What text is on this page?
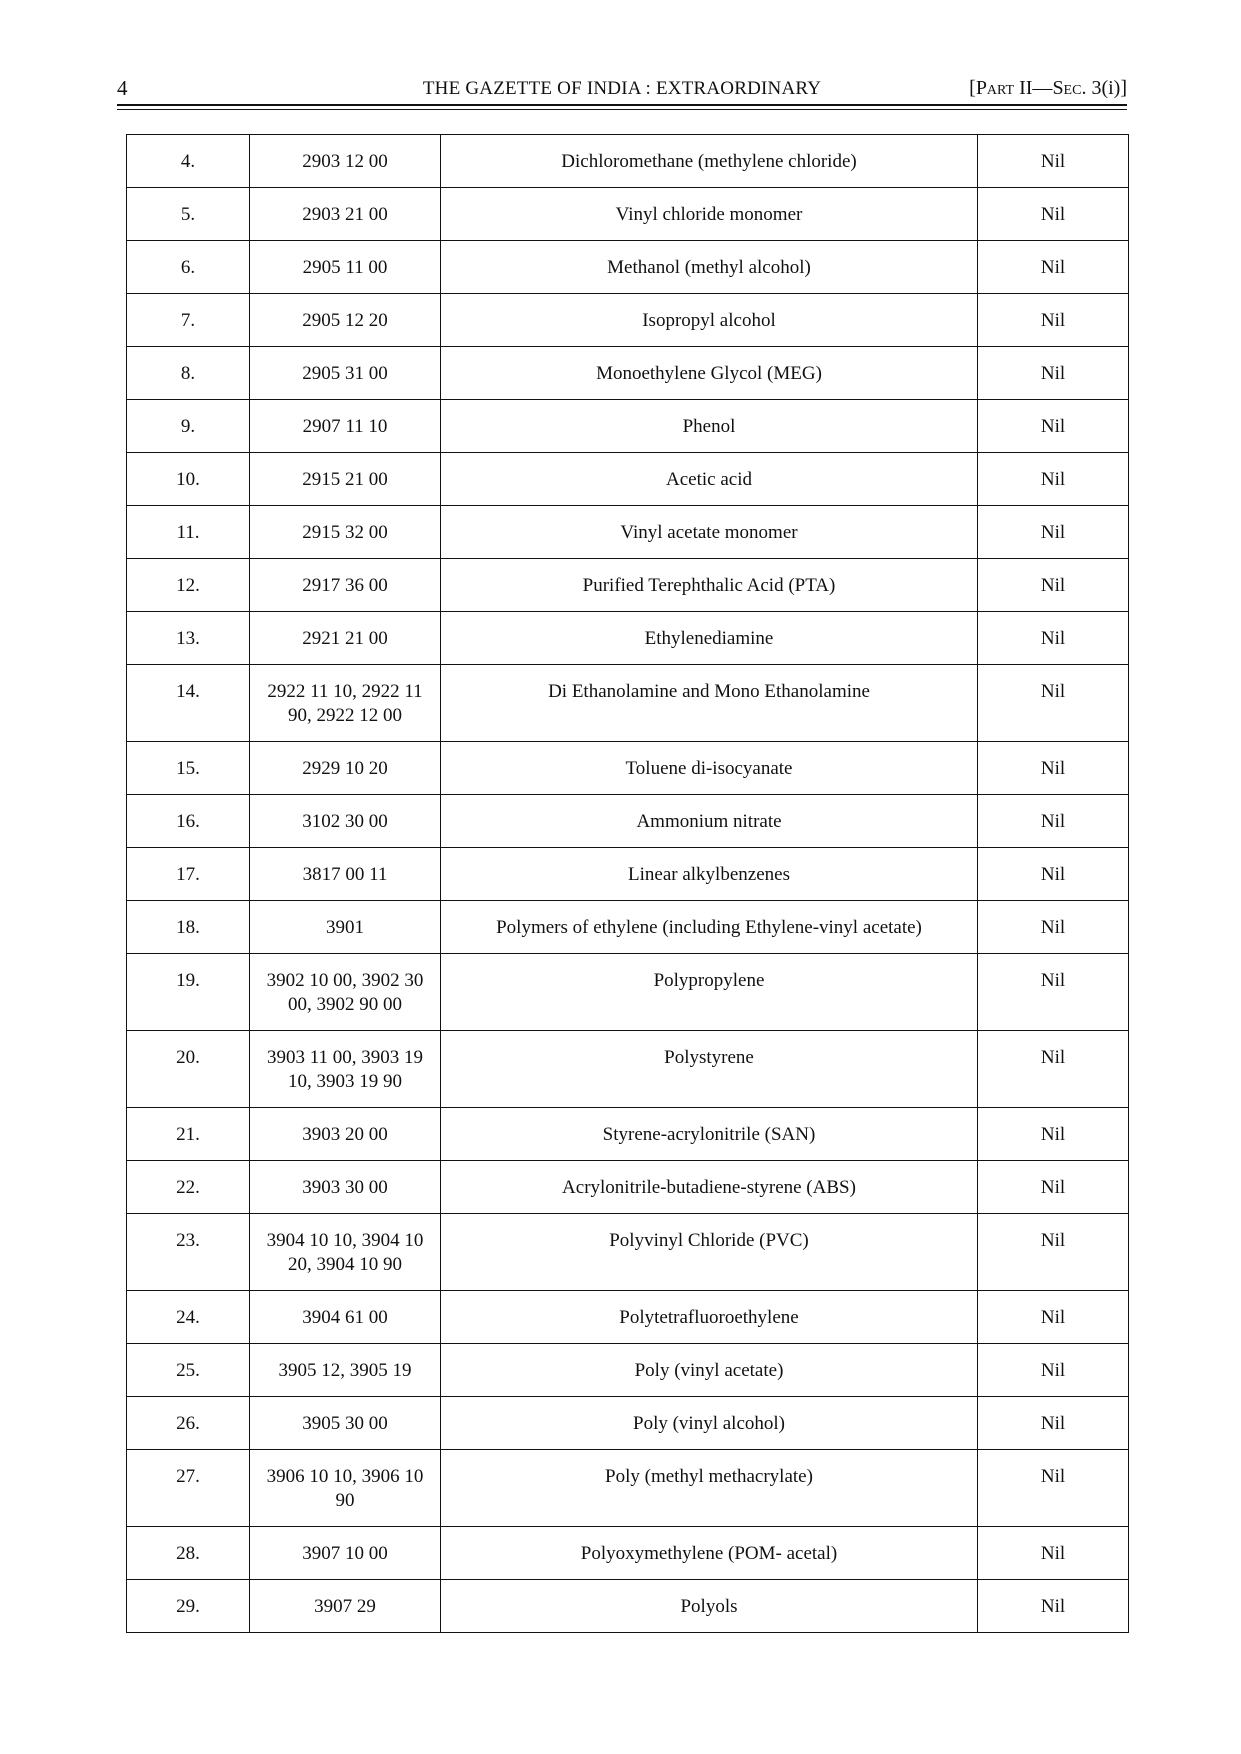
4	THE GAZETTE OF INDIA : EXTRAORDINARY	[Part II—Sec. 3(i)]
4.	2903 12 00	Dichloromethane (methylene chloride)	Nil
5.	2903 21 00	Vinyl chloride monomer	Nil
6.	2905 11 00	Methanol (methyl alcohol)	Nil
7.	2905 12 20	Isopropyl alcohol	Nil
8.	2905 31 00	Monoethylene Glycol (MEG)	Nil
9.	2907 11 10	Phenol	Nil
10.	2915 21 00	Acetic acid	Nil
11.	2915 32 00	Vinyl acetate monomer	Nil
12.	2917 36 00	Purified Terephthalic Acid (PTA)	Nil
13.	2921 21 00	Ethylenediamine	Nil
14.	2922 11 10, 2922 11 90, 2922 12 00	Di Ethanolamine and Mono Ethanolamine	Nil
15.	2929 10 20	Toluene di-isocyanate	Nil
16.	3102 30 00	Ammonium nitrate	Nil
17.	3817 00 11	Linear alkylbenzenes	Nil
18.	3901	Polymers of ethylene (including Ethylene-vinyl acetate)	Nil
19.	3902 10 00, 3902 30 00, 3902 90 00	Polypropylene	Nil
20.	3903 11 00, 3903 19 10, 3903 19 90	Polystyrene	Nil
21.	3903 20 00	Styrene-acrylonitrile (SAN)	Nil
22.	3903 30 00	Acrylonitrile-butadiene-styrene (ABS)	Nil
23.	3904 10 10, 3904 10 20, 3904 10 90	Polyvinyl Chloride (PVC)	Nil
24.	3904 61 00	Polytetrafluoroethylene	Nil
25.	3905 12, 3905 19	Poly (vinyl acetate)	Nil
26.	3905 30 00	Poly (vinyl alcohol)	Nil
27.	3906 10 10, 3906 10 90	Poly (methyl methacrylate)	Nil
28.	3907 10 00	Polyoxymethylene (POM- acetal)	Nil
29.	3907 29	Polyols	Nil
